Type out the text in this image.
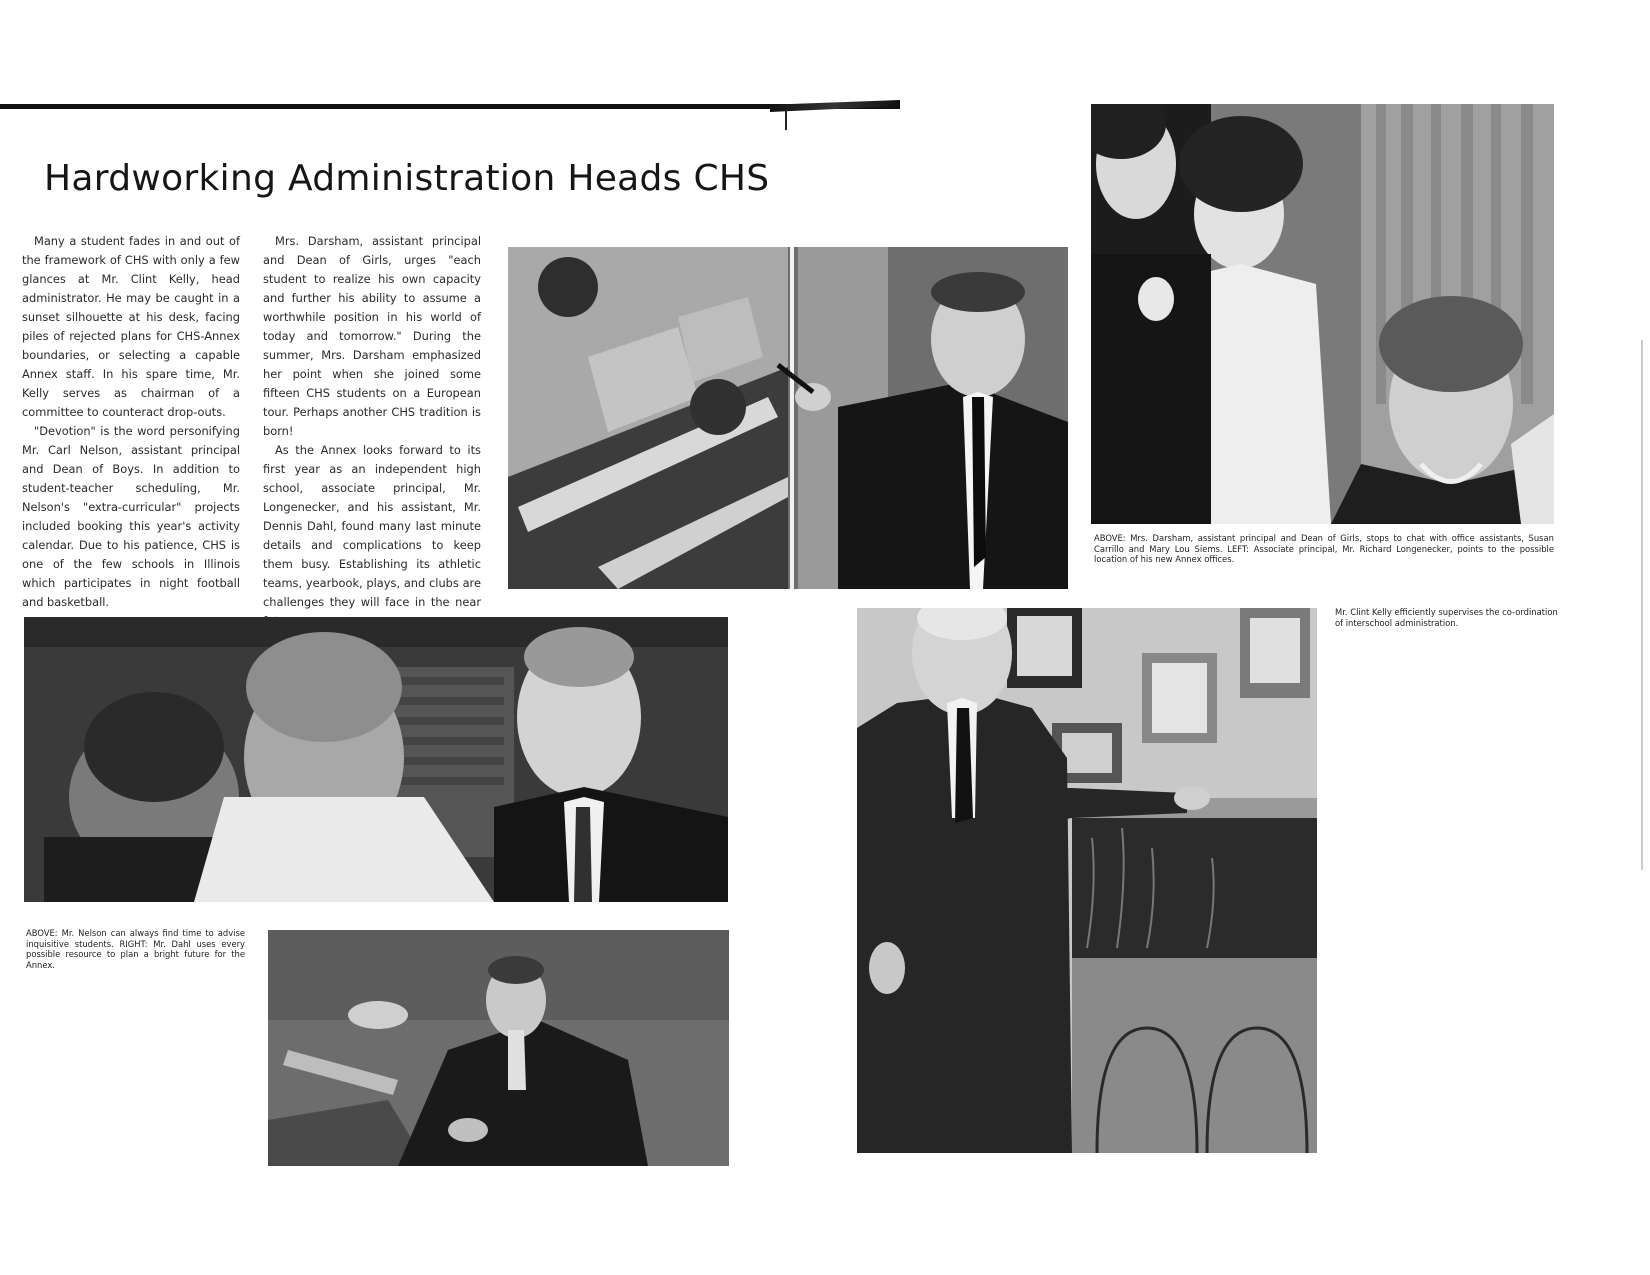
Hardworking Administration Heads CHS

Many a student fades in and out of the framework of CHS with only a few glances at Mr. Clint Kelly, head administrator. He may be caught in a sunset silhouette at his desk, facing piles of rejected plans for CHS-Annex boundaries, or selecting a capable Annex staff. In his spare time, Mr. Kelly serves as chairman of a committee to counteract drop-outs.

"Devotion" is the word personifying Mr. Carl Nelson, assistant principal and Dean of Boys. In addition to student-teacher scheduling, Mr. Nelson's "extra-curricular" projects included booking this year's activity calendar. Due to his patience, CHS is one of the few schools in Illinois which participates in night football and basketball.

Mrs. Darsham, assistant principal and Dean of Girls, urges "each student to realize his own capacity and further his ability to assume a worthwhile position in his world of today and tomorrow." During the summer, Mrs. Darsham emphasized her point when she joined some fifteen CHS students on a European tour. Perhaps another CHS tradition is born!

As the Annex looks forward to its first year as an independent high school, associate principal, Mr. Longenecker, and his assistant, Mr. Dennis Dahl, found many last minute details and complications to keep them busy. Establishing its athletic teams, yearbook, plays, and clubs are challenges they will face in the near

ABOVE: Mrs. Darsham, assistant principal and Dean of Girls, stops to chat with office assistants, Susan Carrillo and Mary Lou Siems. LEFT: Associate principal, Mr. Richard Longenecker, points to the possible location of his new Annex offices.

ABOVE: Mr. Nelson can always find time to advise inquisitive students. RIGHT: Mr. Dahl uses every possible resource to plan a bright future for the Annex.

Mr. Clint Kelly efficiently supervises the co-ordination of interschool administration.
